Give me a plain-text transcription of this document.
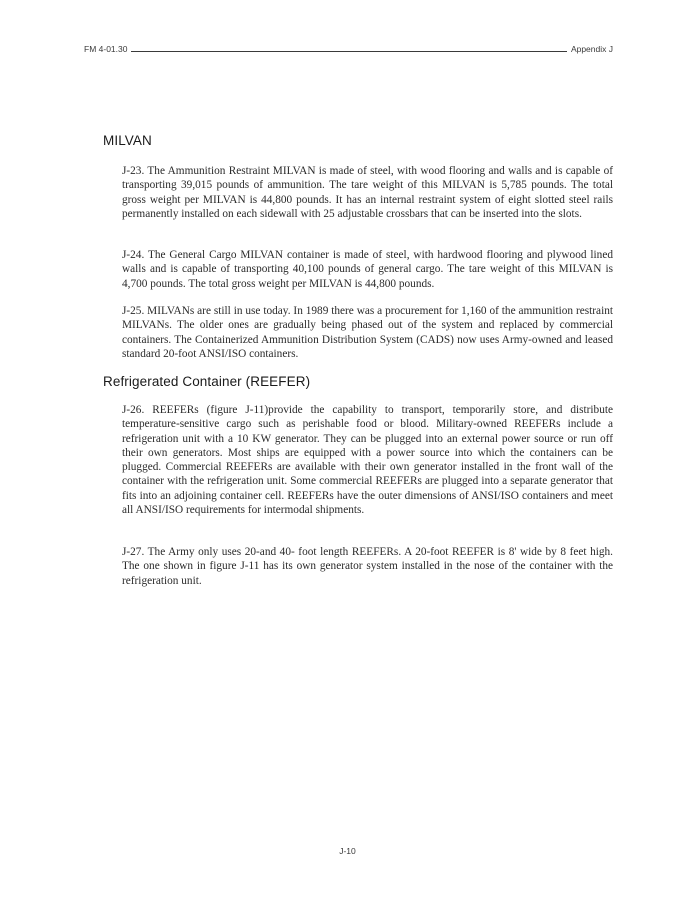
FM 4-01.30	Appendix J
MILVAN

J-23. The Ammunition Restraint MILVAN is made of steel, with wood flooring and walls and is capable of transporting 39,015 pounds of ammunition. The tare weight of this MILVAN is 5,785 pounds. The total gross weight per MILVAN is 44,800 pounds. It has an internal restraint system of eight slotted steel rails permanently installed on each sidewall with 25 adjustable crossbars that can be inserted into the slots.

J-24. The General Cargo MILVAN container is made of steel, with hardwood flooring and plywood lined walls and is capable of transporting 40,100 pounds of general cargo. The tare weight of this MILVAN is 4,700 pounds. The total gross weight per MILVAN is 44,800 pounds.

J-25. MILVANs are still in use today. In 1989 there was a procurement for 1,160 of the ammunition restraint MILVANs. The older ones are gradually being phased out of the system and replaced by commercial containers. The Containerized Ammunition Distribution System (CADS) now uses Army-owned and leased standard 20-foot ANSI/ISO containers.

Refrigerated Container (REEFER)

J-26. REEFERs (figure J-11)provide the capability to transport, temporarily store, and distribute temperature-sensitive cargo such as perishable food or blood. Military-owned REEFERs include a refrigeration unit with a 10 KW generator. They can be plugged into an external power source or run off their own generators. Most ships are equipped with a power source into which the containers can be plugged. Commercial REEFERs are available with their own generator installed in the front wall of the container with the refrigeration unit. Some commercial REEFERs are plugged into a separate generator that fits into an adjoining container cell. REEFERs have the outer dimensions of ANSI/ISO containers and meet all ANSI/ISO requirements for intermodal shipments.

J-27. The Army only uses 20-and 40- foot length REEFERs. A 20-foot REEFER is 8' wide by 8 feet high. The one shown in figure J-11 has its own generator system installed in the nose of the container with the refrigeration unit.

J-10
